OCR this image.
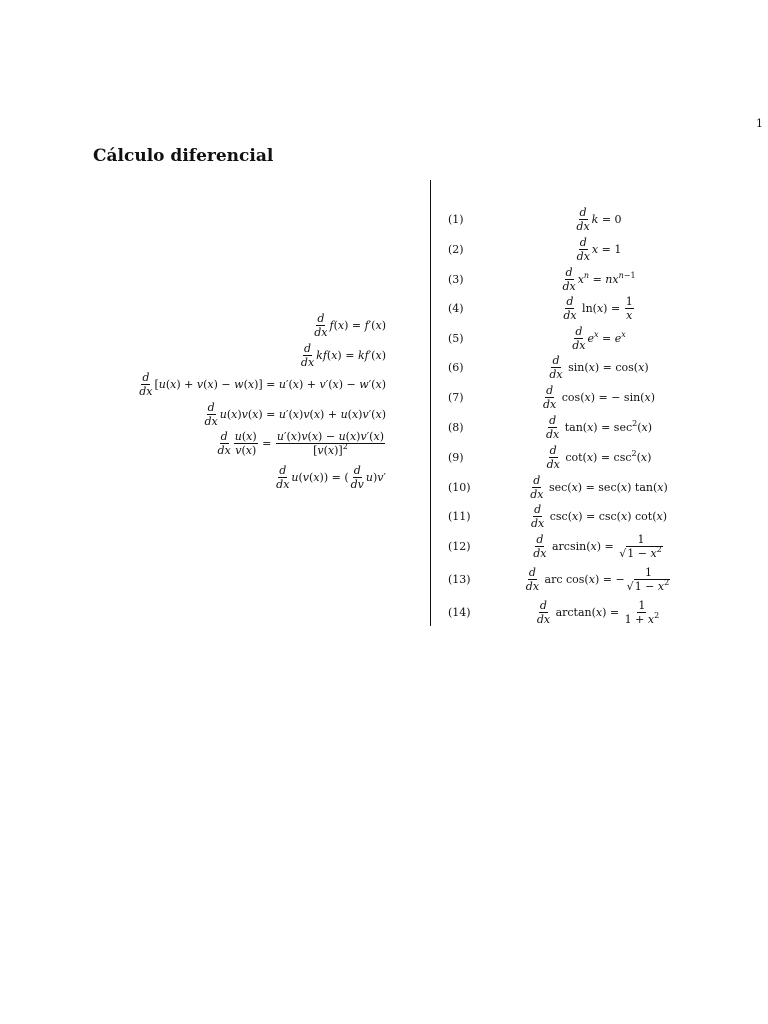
1
Cálculo diferencial
$\frac{d}{dx} f(x) = f'(x)$
$\frac{d}{dx} kf(x) = kf'(x)$
$\frac{d}{dx} [u(x) + v(x) - w(x)] = u'(x) + v'(x) - w'(x)$
$\frac{d}{dx} u(x)v(x) = u'(x)v(x) + u(x)v'(x)$
$\frac{d}{dx} \frac{u(x)}{v(x)} = \frac{u'(x)v(x) - u(x)v'(x)}{[v(x)]^2}$
$\frac{d}{dx} u(v(x))$ = ( $\frac{d}{dv} u)v'$
(1)	$\frac{d}{dx}$ k = 0
(2)	$\frac{d}{dx}$ x = 1
(3)	$\frac{d}{dx} x^n = nx^{n-1}$
(4)	$\frac{d}{dx} \ln(x) = \frac{1}{x}$
(5)	$\frac{d}{dx} e^x = e^x$
(6)	$\frac{d}{dx} \sin(x) = \cos(x)$
(7)	$\frac{d}{dx} \cos(x)$ = − sin(x)
(8)	$\frac{d}{dx} \tan(x) = \sec^2(x)$
(9)	$\frac{d}{dx} \cot(x) = \csc^2(x)$
(10)	$\frac{d}{dx} \sec(x) = \sec(x)$ tan(x)
(11)	$\frac{d}{dx} \csc(x) = \csc(x)$ cot(x)
(12)	$\frac{d}{dx} \arcsin(x) = \frac{1}{√1 - x^2}$
(13)	$\frac{d}{dx}$ arc cos(x) = − $\frac{1}{√1 - x^2}$
(14)	$\frac{d}{dx} \arctan(x) = \frac{1}{1 + x^2}$
